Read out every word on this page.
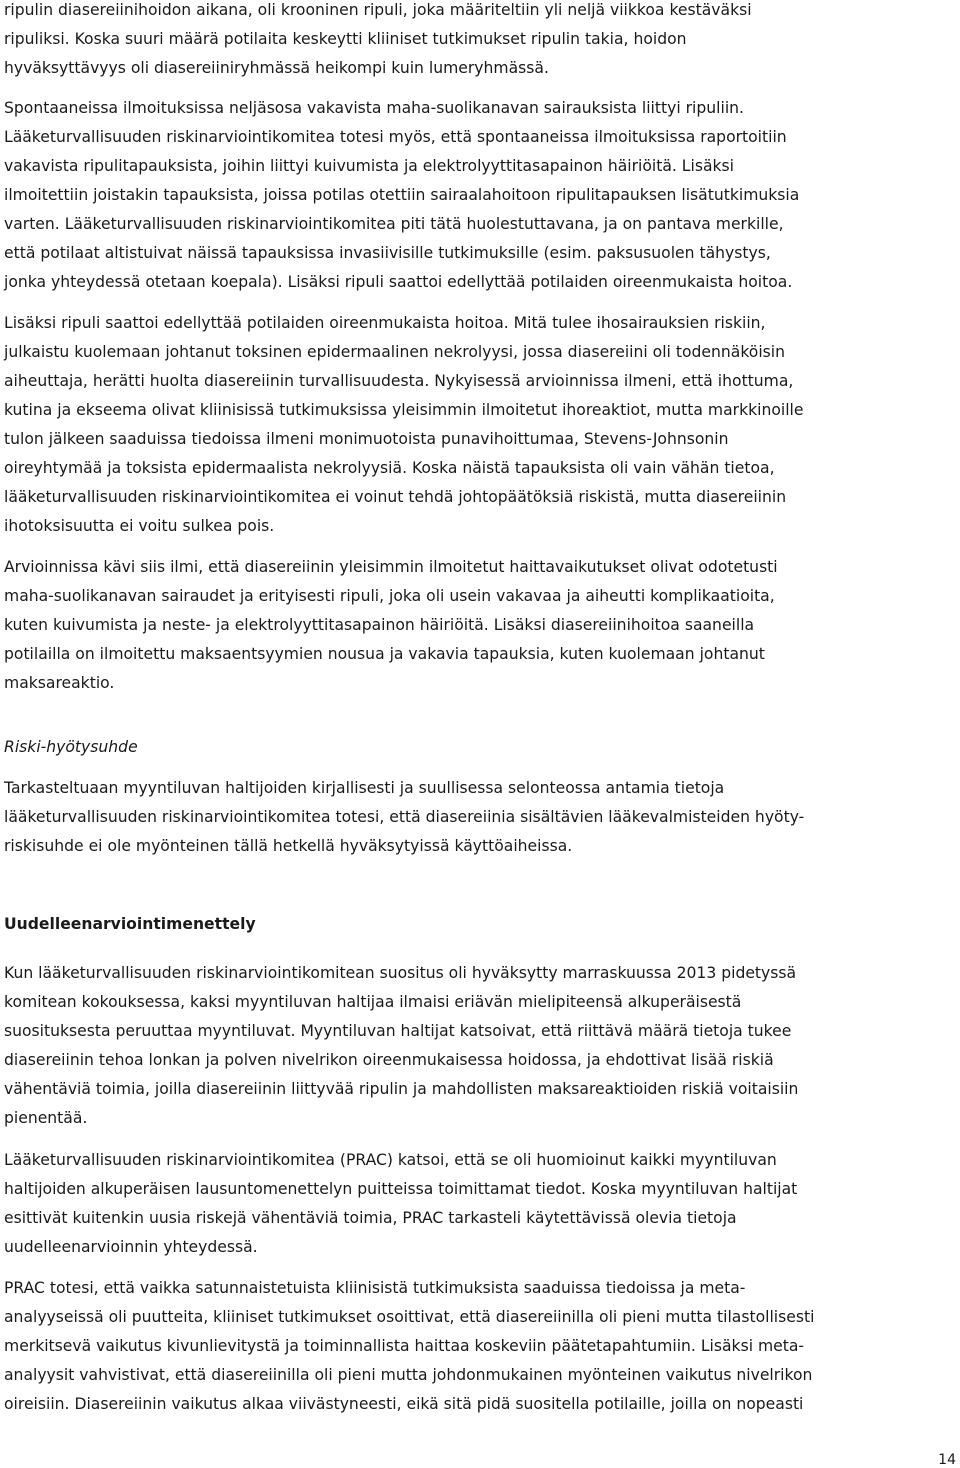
ripulin diasereiinihoidon aikana, oli krooninen ripuli, joka määriteltiin yli neljä viikkoa kestäväksi

ripuliksi. Koska suuri määrä potilaita keskeytti kliiniset tutkimukset ripulin takia, hoidon

hyväksyttävyys oli diasereiiniryhmässä heikompi kuin lumeryhmässä.

Spontaaneissa ilmoituksissa neljäsosa vakavista maha-suolikanavan sairauksista liittyi ripuliin.

Lääketurvallisuuden riskinarviointikomitea totesi myös, että spontaaneissa ilmoituksissa raportoitiin

vakavista ripulitapauksista, joihin liittyi kuivumista ja elektrolyyttitasapainon häiriöitä. Lisäksi

ilmoitettiin joistakin tapauksista, joissa potilas otettiin sairaalahoitoon ripulitapauksen lisätutkimuksia

varten. Lääketurvallisuuden riskinarviointikomitea piti tätä huolestuttavana, ja on pantava merkille,

että potilaat altistuivat näissä tapauksissa invasiivisille tutkimuksille (esim. paksusuolen tähystys,

jonka yhteydessä otetaan koepala). Lisäksi ripuli saattoi edellyttää potilaiden oireenmukaista hoitoa.

Lisäksi ripuli saattoi edellyttää potilaiden oireenmukaista hoitoa. Mitä tulee ihosairauksien riskiin,

julkaistu kuolemaan johtanut toksinen epidermaalinen nekrolyysi, jossa diasereiini oli todennäköisin

aiheuttaja, herätti huolta diasereiinin turvallisuudesta. Nykyisessä arvioinnissa ilmeni, että ihottuma,

kutina ja ekseema olivat kliinisissä tutkimuksissa yleisimmin ilmoitetut ihoreaktiot, mutta markkinoille

tulon jälkeen saaduissa tiedoissa ilmeni monimuotoista punavihoittumaa, Stevens-Johnsonin

oireyhtymää ja toksista epidermaalista nekrolyysiä. Koska näistä tapauksista oli vain vähän tietoa,

lääketurvallisuuden riskinarviointikomitea ei voinut tehdä johtopäätöksiä riskistä, mutta diasereiinin

ihotoksisuutta ei voitu sulkea pois.

Arvioinnissa kävi siis ilmi, että diasereiinin yleisimmin ilmoitetut haittavaikutukset olivat odotetusti

maha-suolikanavan sairaudet ja erityisesti ripuli, joka oli usein vakavaa ja aiheutti komplikaatioita,

kuten kuivumista ja neste- ja elektrolyyttitasapainon häiriöitä. Lisäksi diasereiinihoitoa saaneilla

potilailla on ilmoitettu maksaentsyymien nousua ja vakavia tapauksia, kuten kuolemaan johtanut

maksareaktio.

Riski-hyötysuhde

Tarkasteltuaan myyntiluvan haltijoiden kirjallisesti ja suullisessa selonteossa antamia tietoja

lääketurvallisuuden riskinarviointikomitea totesi, että diasereiinia sisältävien lääkevalmisteiden hyöty-

riskisuhde ei ole myönteinen tällä hetkellä hyväksytyissä käyttöaiheissa.

Uudelleenarviointimenettely

Kun lääketurvallisuuden riskinarviointikomitean suositus oli hyväksytty marraskuussa 2013 pidetyssä

komitean kokouksessa, kaksi myyntiluvan haltijaa ilmaisi eriävän mielipiteensä alkuperäisestä

suosituksesta peruuttaa myyntiluvat. Myyntiluvan haltijat katsoivat, että riittävä määrä tietoja tukee

diasereiinin tehoa lonkan ja polven nivelrikon oireenmukaisessa hoidossa, ja ehdottivat lisää riskiä

vähentäviä toimia, joilla diasereiinin liittyvää ripulin ja mahdollisten maksareaktioiden riskiä voitaisiin

pienentää.

Lääketurvallisuuden riskinarviointikomitea (PRAC) katsoi, että se oli huomioinut kaikki myyntiluvan

haltijoiden alkuperäisen lausuntomenettelyn puitteissa toimittamat tiedot. Koska myyntiluvan haltijat

esittivät kuitenkin uusia riskejä vähentäviä toimia, PRAC tarkasteli käytettävissä olevia tietoja

uudelleenarvioinnin yhteydessä.

PRAC totesi, että vaikka satunnaistetuista kliinisistä tutkimuksista saaduissa tiedoissa ja meta-

analyyseissä oli puutteita, kliiniset tutkimukset osoittivat, että diasereiinilla oli pieni mutta tilastollisesti

merkitsevä vaikutus kivunlievitystä ja toiminnallista haittaa koskeviin päätetapahtumiin. Lisäksi meta-

analyysit vahvistivat, että diasereiinilla oli pieni mutta johdonmukainen myönteinen vaikutus nivelrikon

oireisiin. Diasereiinin vaikutus alkaa viivästyneesti, eikä sitä pidä suositella potilaille, joilla on nopeasti

14
